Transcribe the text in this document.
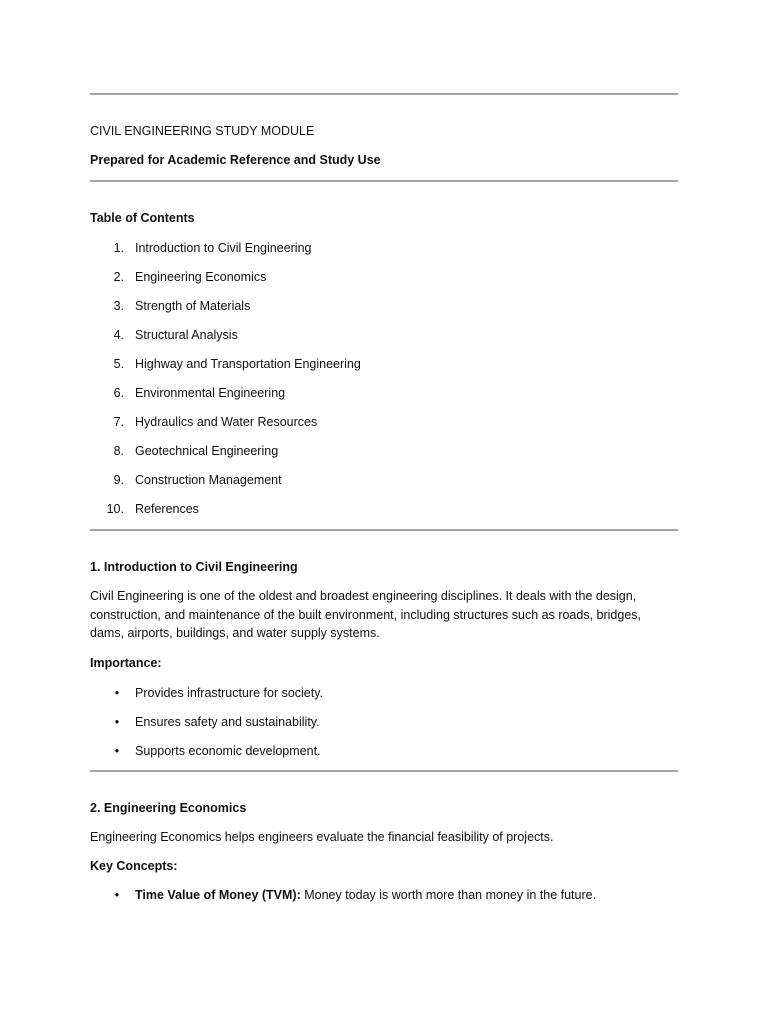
CIVIL ENGINEERING STUDY MODULE
Prepared for Academic Reference and Study Use
Table of Contents
1. Introduction to Civil Engineering
2. Engineering Economics
3. Strength of Materials
4. Structural Analysis
5. Highway and Transportation Engineering
6. Environmental Engineering
7. Hydraulics and Water Resources
8. Geotechnical Engineering
9. Construction Management
10. References
1. Introduction to Civil Engineering
Civil Engineering is one of the oldest and broadest engineering disciplines. It deals with the design, construction, and maintenance of the built environment, including structures such as roads, bridges, dams, airports, buildings, and water supply systems.
Importance:
• Provides infrastructure for society.
• Ensures safety and sustainability.
• Supports economic development.
2. Engineering Economics
Engineering Economics helps engineers evaluate the financial feasibility of projects.
Key Concepts:
• Time Value of Money (TVM): Money today is worth more than money in the future.
